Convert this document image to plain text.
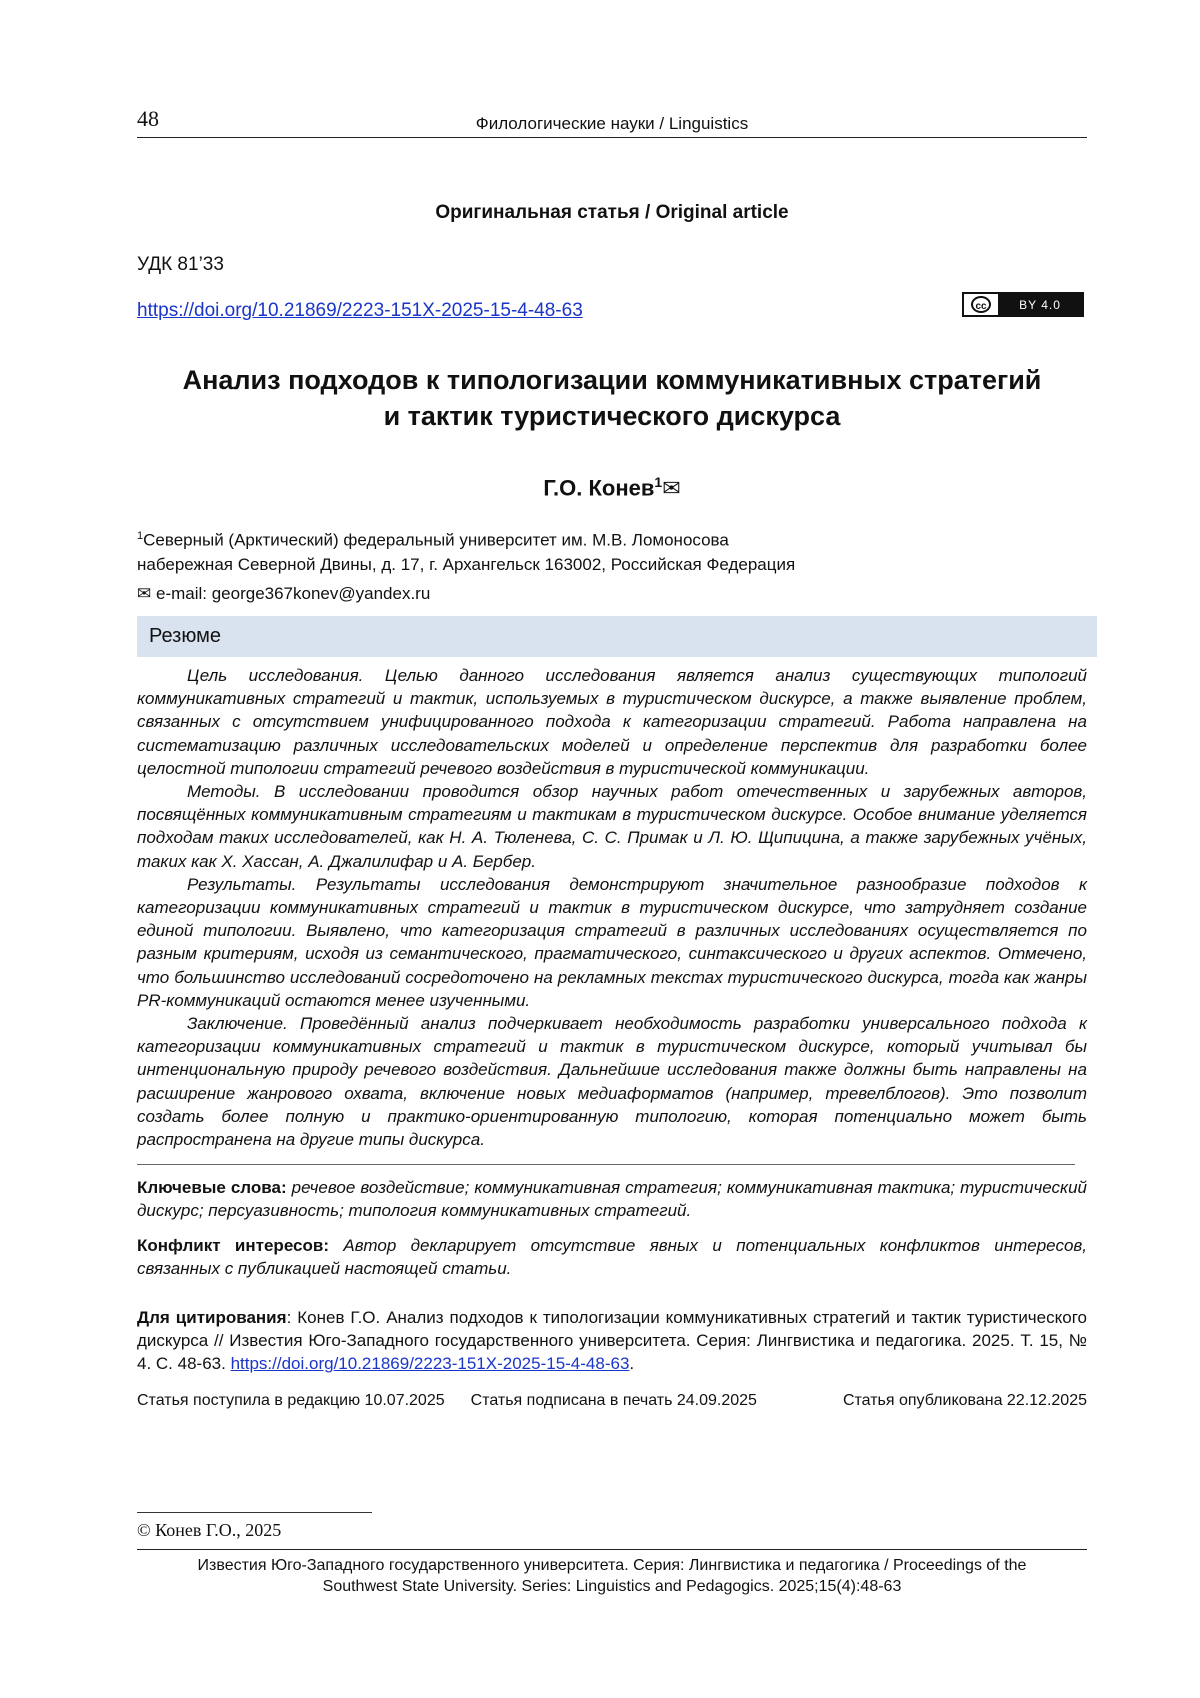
48	Филологические науки / Linguistics
Оригинальная статья / Original article
УДК 81’33
https://doi.org/10.21869/2223-151X-2025-15-4-48-63	cc	BY 4.0
Анализ подходов к типологизации коммуникативных стратегий
и тактик туристического дискурса
Г.О. Конев$^1$✉
$^1$Северный (Арктический) федеральный университет им. М.В. Ломоносова
набережная Северной Двины, д. 17, г. Архангельск 163002, Российская Федерация
✉ e-mail: george367konev@yandex.ru
Резюме

Цель исследования. Целью данного исследования является анализ существующих типологий коммуникативных стратегий и тактик, используемых в туристическом дискурсе, а также выявление проблем, связанных с отсутствием унифицированного подхода к категоризации стратегий. Работа направлена на систематизацию различных исследовательских моделей и определение перспектив для разработки более целостной типологии стратегий речевого воздействия в туристической коммуникации.

Методы. В исследовании проводится обзор научных работ отечественных и зарубежных авторов, посвящённых коммуникативным стратегиям и тактикам в туристическом дискурсе. Особое внимание уделяется подходам таких исследователей, как Н. А. Тюленева, С. С. Примак и Л. Ю. Щипицина, а также зарубежных учёных, таких как Х. Хассан, А. Джалилифар и А. Бербер.

Результаты. Результаты исследования демонстрируют значительное разнообразие подходов к категоризации коммуникативных стратегий и тактик в туристическом дискурсе, что затрудняет создание единой типологии. Выявлено, что категоризация стратегий в различных исследованиях осуществляется по разным критериям, исходя из семантического, прагматического, синтаксического и других аспектов. Отмечено, что большинство исследований сосредоточено на рекламных текстах туристического дискурса, тогда как жанры PR-коммуникаций остаются менее изученными.

Заключение. Проведённый анализ подчеркивает необходимость разработки универсального подхода к категоризации коммуникативных стратегий и тактик в туристическом дискурсе, который учитывал бы интенциональную природу речевого воздействия. Дальнейшие исследования также должны быть направлены на расширение жанрового охвата, включение новых медиаформатов (например, тревелблогов). Это позволит создать более полную и практико-ориентированную типологию, которая потенциально может быть распространена на другие типы дискурса.

Ключевые слова: речевое воздействие; коммуникативная стратегия; коммуникативная тактика; туристический дискурс; персуазивность; типология коммуникативных стратегий.
Конфликт интересов: Автор декларирует отсутствие явных и потенциальных конфликтов интересов, связанных с публикацией настоящей статьи.
Для цитирования: Конев Г.О. Анализ подходов к типологизации коммуникативных стратегий и тактик туристического дискурса // Известия Юго-Западного государственного университета. Серия: Лингвистика и педагогика. 2025. Т. 15, № 4. С. 48-63. https://doi.org/10.21869/2223-151X-2025-15-4-48-63.
Статья поступила в редакцию 10.07.2025 Статья подписана в печать 24.09.2025	Статья опубликована 22.12.2025
© Конев Г.О., 2025
Известия Юго-Западного государственного университета. Серия: Лингвистика и педагогика / Proceedings of the
Southwest State University. Series: Linguistics and Pedagogics. 2025;15(4):48-63
